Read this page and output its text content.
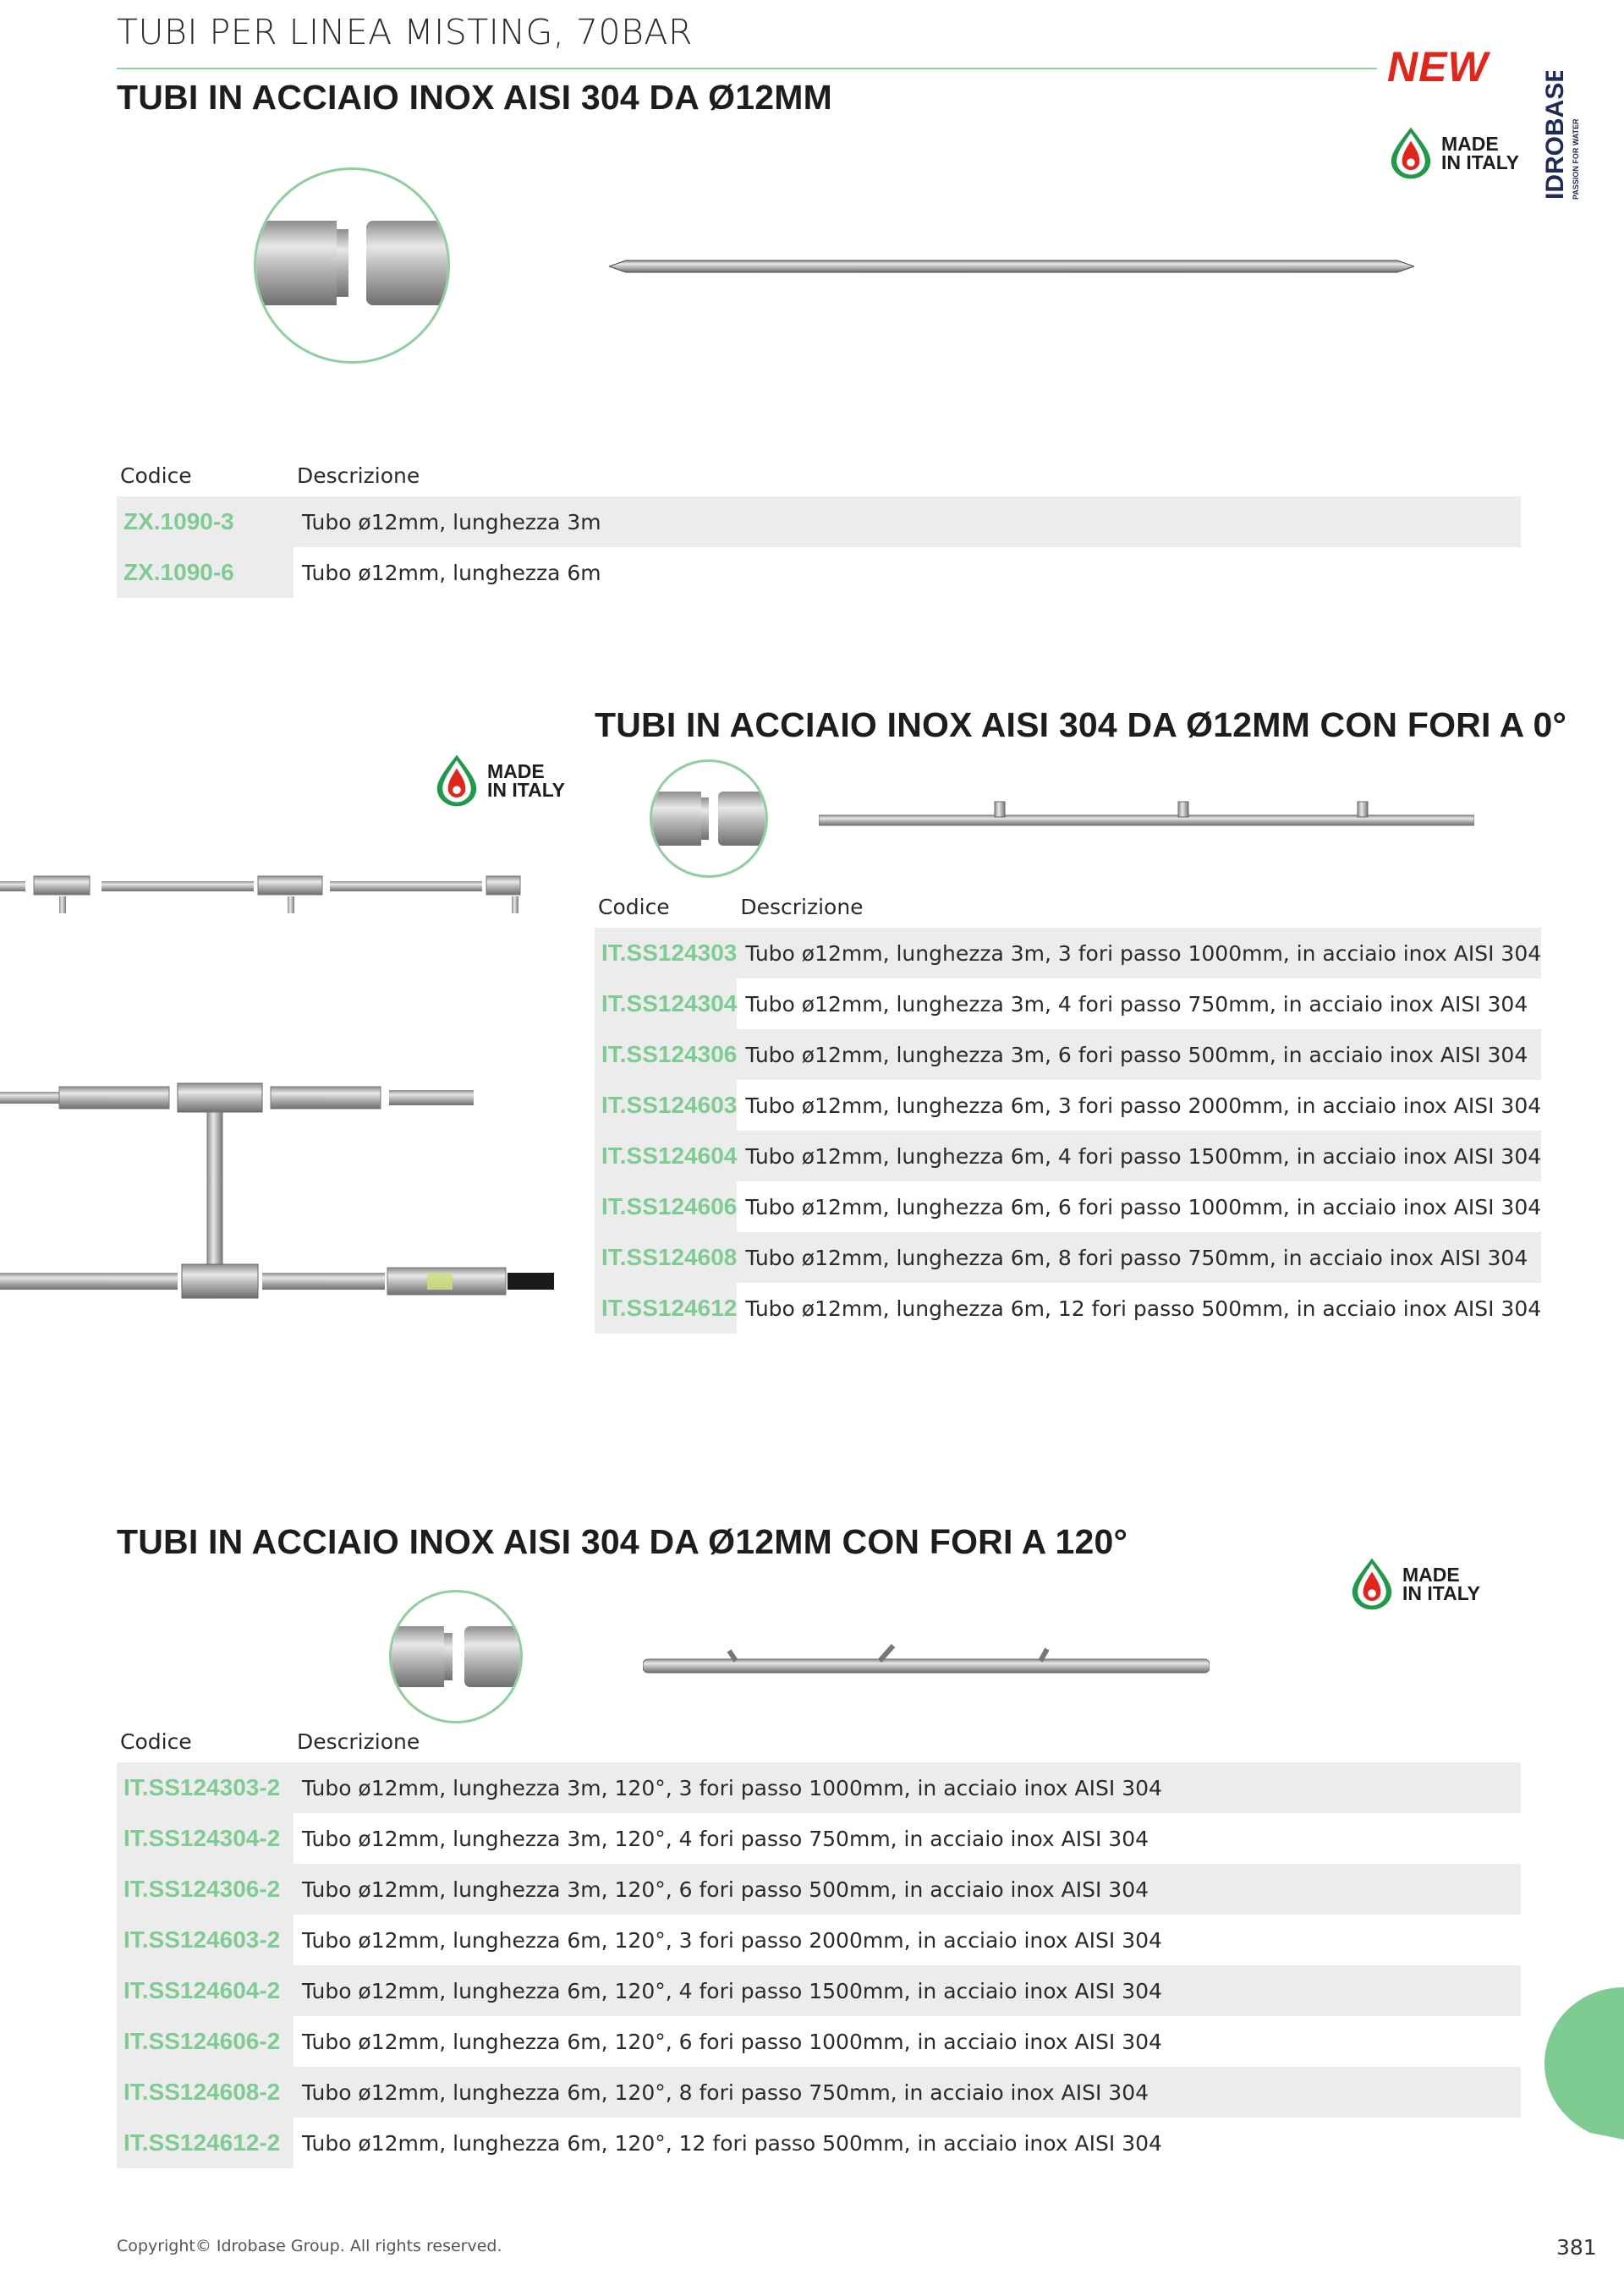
TUBI PER LINEA MISTING, 70BAR
NEW IDROBASE PASSION FOR WATER
TUBI IN ACCIAIO INOX AISI 304 DA Ø12MM
MADE
IN ITALY
Codice	Descrizione
ZX.1090-3	Tubo ø12mm, lunghezza 3m
ZX.1090-6	Tubo ø12mm, lunghezza 6m
TUBI IN ACCIAIO INOX AISI 304 DA Ø12MM CON FORI A 0°
MADE
IN ITALY
Codice	Descrizione
IT.SS124303	Tubo ø12mm, lunghezza 3m, 3 fori passo 1000mm, in acciaio inox AISI 304
IT.SS124304	Tubo ø12mm, lunghezza 3m, 4 fori passo 750mm, in acciaio inox AISI 304
IT.SS124306	Tubo ø12mm, lunghezza 3m, 6 fori passo 500mm, in acciaio inox AISI 304
IT.SS124603	Tubo ø12mm, lunghezza 6m, 3 fori passo 2000mm, in acciaio inox AISI 304
IT.SS124604	Tubo ø12mm, lunghezza 6m, 4 fori passo 1500mm, in acciaio inox AISI 304
IT.SS124606	Tubo ø12mm, lunghezza 6m, 6 fori passo 1000mm, in acciaio inox AISI 304
IT.SS124608	Tubo ø12mm, lunghezza 6m, 8 fori passo 750mm, in acciaio inox AISI 304
IT.SS124612	Tubo ø12mm, lunghezza 6m, 12 fori passo 500mm, in acciaio inox AISI 304
TUBI IN ACCIAIO INOX AISI 304 DA Ø12MM CON FORI A 120°
MADE
IN ITALY
Codice	Descrizione
IT.SS124303-2	Tubo ø12mm, lunghezza 3m, 120°, 3 fori passo 1000mm, in acciaio inox AISI 304
IT.SS124304-2	Tubo ø12mm, lunghezza 3m, 120°, 4 fori passo 750mm, in acciaio inox AISI 304
IT.SS124306-2	Tubo ø12mm, lunghezza 3m, 120°, 6 fori passo 500mm, in acciaio inox AISI 304
IT.SS124603-2	Tubo ø12mm, lunghezza 6m, 120°, 3 fori passo 2000mm, in acciaio inox AISI 304
IT.SS124604-2	Tubo ø12mm, lunghezza 6m, 120°, 4 fori passo 1500mm, in acciaio inox AISI 304
IT.SS124606-2	Tubo ø12mm, lunghezza 6m, 120°, 6 fori passo 1000mm, in acciaio inox AISI 304
IT.SS124608-2	Tubo ø12mm, lunghezza 6m, 120°, 8 fori passo 750mm, in acciaio inox AISI 304
IT.SS124612-2	Tubo ø12mm, lunghezza 6m, 120°, 12 fori passo 500mm, in acciaio inox AISI 304
Copyright© Idrobase Group. All rights reserved.	381
